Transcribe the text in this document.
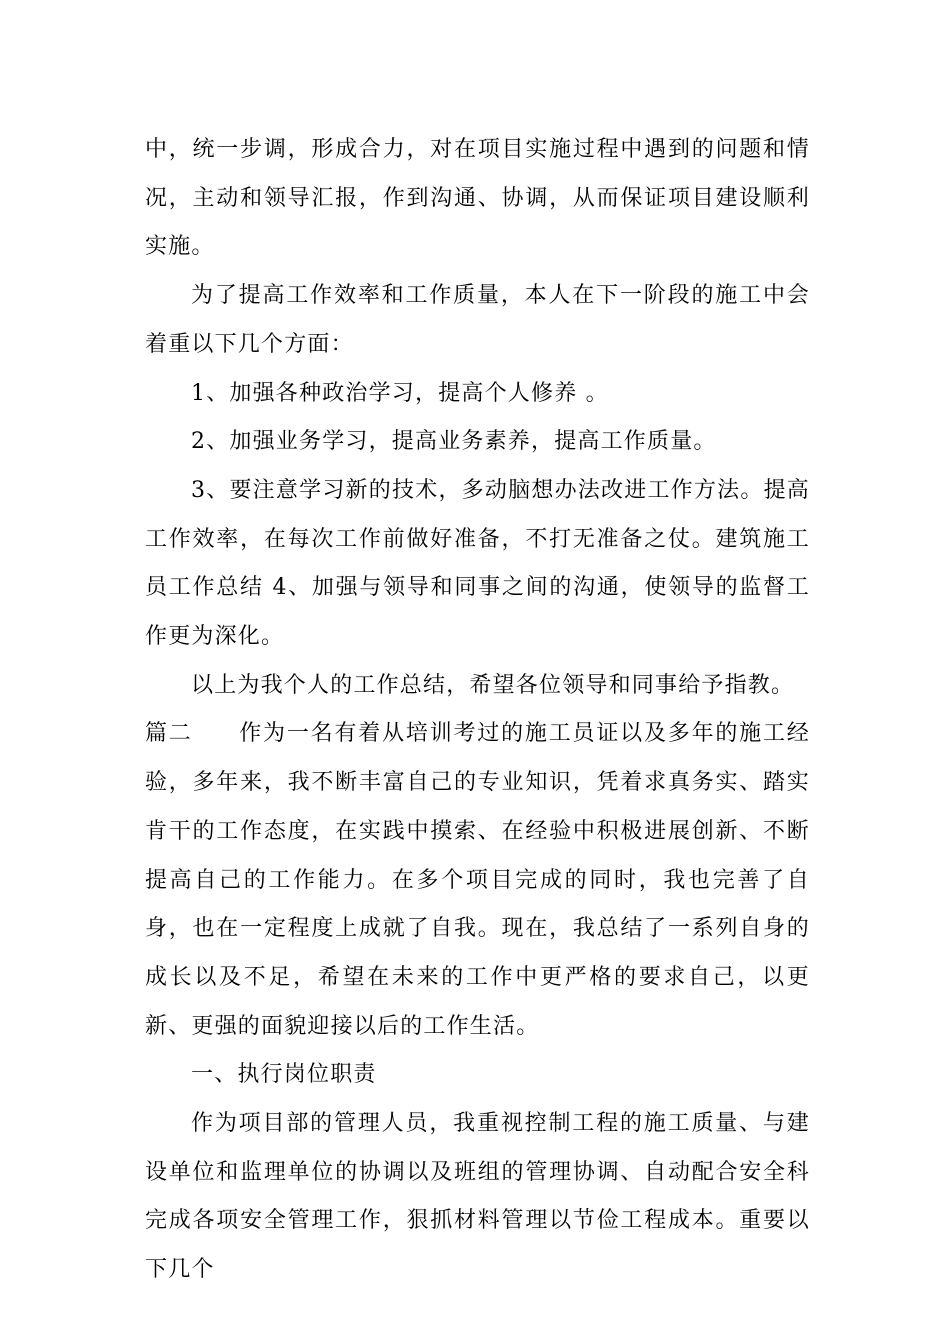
中，统一步调，形成合力，对在项目实施过程中遇到的问题和情况，主动和领导汇报，作到沟通、协调，从而保证项目建设顺利实施。

为了提高工作效率和工作质量，本人在下一阶段的施工中会着重以下几个方面：

1、加强各种政治学习，提高个人修养 。

2、加强业务学习，提高业务素养，提高工作质量。

3、要注意学习新的技术，多动脑想办法改进工作方法。提高工作效率，在每次工作前做好准备，不打无准备之仗。建筑施工员工作总结 4、加强与领导和同事之间的沟通，使领导的监督工作更为深化。

以上为我个人的工作总结，希望各位领导和同事给予指教。

篇二 作为一名有着从培训考过的施工员证以及多年的施工经验，多年来，我不断丰富自己的专业知识，凭着求真务实、踏实肯干的工作态度，在实践中摸索、在经验中积极进展创新、不断提高自己的工作能力。在多个项目完成的同时，我也完善了自身，也在一定程度上成就了自我。现在，我总结了一系列自身的成长以及不足，希望在未来的工作中更严格的要求自己，以更新、更强的面貌迎接以后的工作生活。

一、执行岗位职责

作为项目部的管理人员，我重视控制工程的施工质量、与建设单位和监理单位的协调以及班组的管理协调、自动配合安全科完成各项安全管理工作，狠抓材料管理以节俭工程成本。重要以下几个
